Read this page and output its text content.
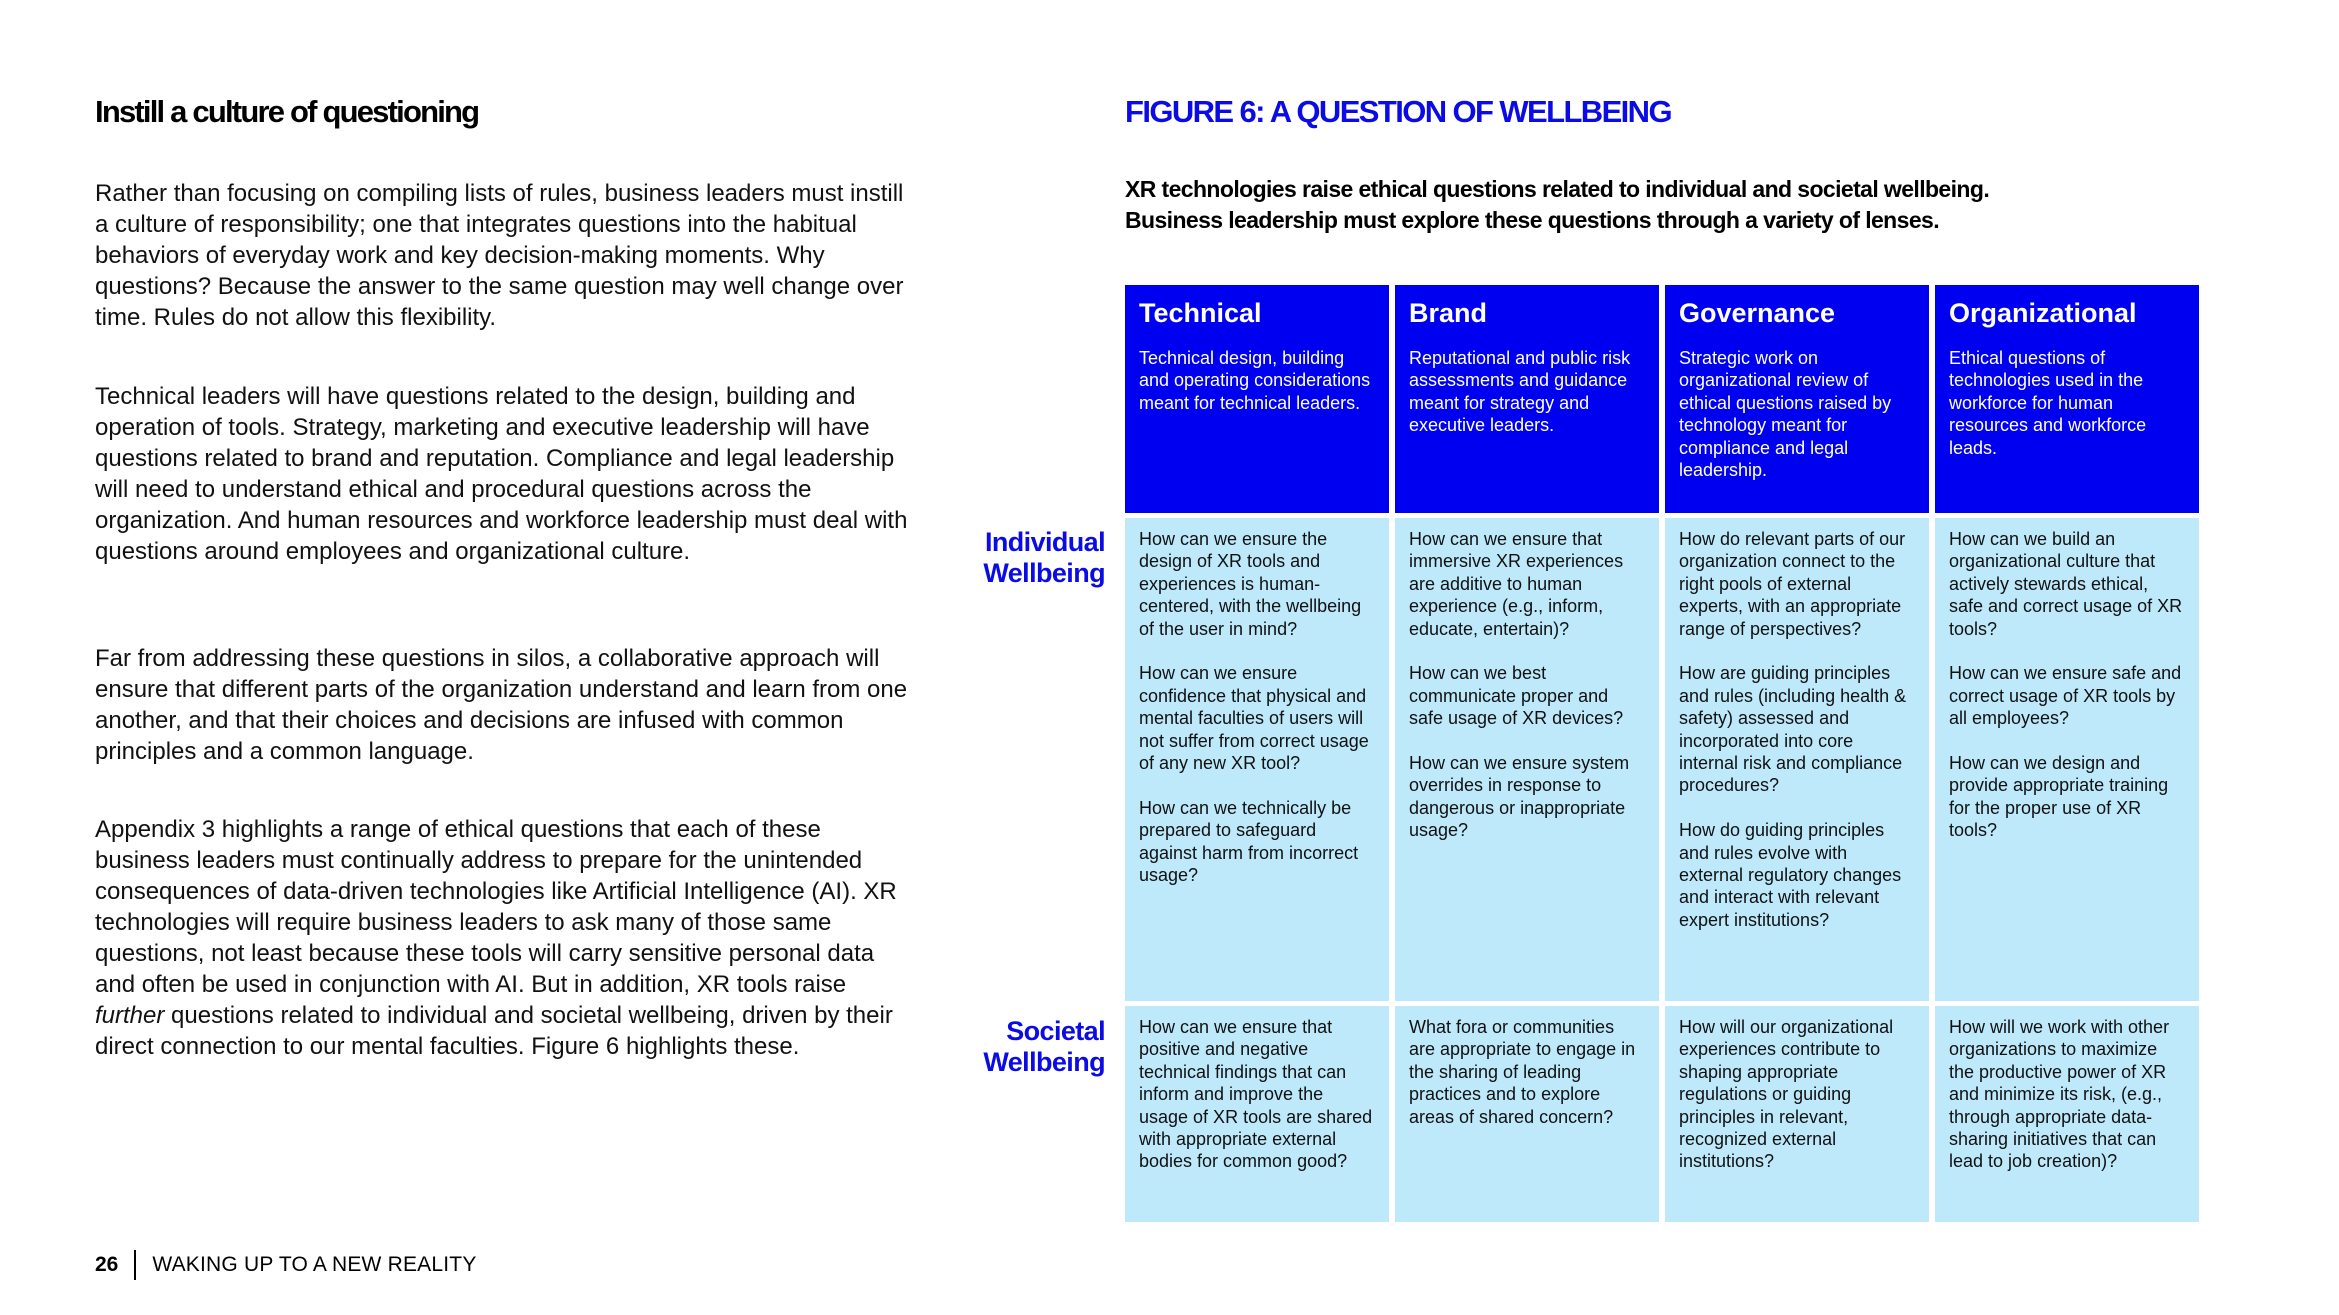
Instill a culture of questioning

Rather than focusing on compiling lists of rules, business leaders must instill a culture of responsibility; one that integrates questions into the habitual behaviors of everyday work and key decision-making moments. Why questions? Because the answer to the same question may well change over time. Rules do not allow this flexibility.

Technical leaders will have questions related to the design, building and operation of tools. Strategy, marketing and executive leadership will have questions related to brand and reputation. Compliance and legal leadership will need to understand ethical and procedural questions across the organization. And human resources and workforce leadership must deal with questions around employees and organizational culture.

Far from addressing these questions in silos, a collaborative approach will ensure that different parts of the organization understand and learn from one another, and that their choices and decisions are infused with common principles and a common language.

Appendix 3 highlights a range of ethical questions that each of these business leaders must continually address to prepare for the unintended consequences of data-driven technologies like Artificial Intelligence (AI). XR technologies will require business leaders to ask many of those same questions, not least because these tools will carry sensitive personal data and often be used in conjunction with AI. But in addition, XR tools raise further questions related to individual and societal wellbeing, driven by their direct connection to our mental faculties. Figure 6 highlights these.

FIGURE 6: A QUESTION OF WELLBEING

XR technologies raise ethical questions related to individual and societal wellbeing.
Business leadership must explore these questions through a variety of lenses.

Individual
Wellbeing
Societal
Wellbeing
Technical
Technical design, building and operating considerations meant for technical leaders.

How can we ensure the design of XR tools and experiences is human-centered, with the wellbeing of the user in mind?

How can we ensure confidence that physical and mental faculties of users will not suffer from correct usage of any new XR tool?

How can we technically be prepared to safeguard against harm from incorrect usage?

How can we ensure that positive and negative technical findings that can inform and improve the usage of XR tools are shared with appropriate external bodies for common good?

Brand
Reputational and public risk assessments and guidance meant for strategy and executive leaders.

How can we ensure that immersive XR experiences are additive to human experience (e.g., inform, educate, entertain)?

How can we best communicate proper and safe usage of XR devices?

How can we ensure system overrides in response to dangerous or inappropriate usage?

What fora or communities are appropriate to engage in the sharing of leading practices and to explore areas of shared concern?

Governance
Strategic work on organizational review of ethical questions raised by technology meant for compliance and legal leadership.

How do relevant parts of our organization connect to the right pools of external experts, with an appropriate range of perspectives?

How are guiding principles and rules (including health & safety) assessed and incorporated into core internal risk and compliance procedures?

How do guiding principles and rules evolve with external regulatory changes and interact with relevant expert institutions?

How will our organizational experiences contribute to shaping appropriate regulations or guiding principles in relevant, recognized external institutions?

Organizational
Ethical questions of technologies used in the workforce for human resources and workforce leads.

How can we build an organizational culture that actively stewards ethical, safe and correct usage of XR tools?

How can we ensure safe and correct usage of XR tools by all employees?

How can we design and provide appropriate training for the proper use of XR tools?

How will we work with other organizations to maximize the productive power of XR and minimize its risk, (e.g., through appropriate data-sharing initiatives that can lead to job creation)?

26 WAKING UP TO A NEW REALITY
